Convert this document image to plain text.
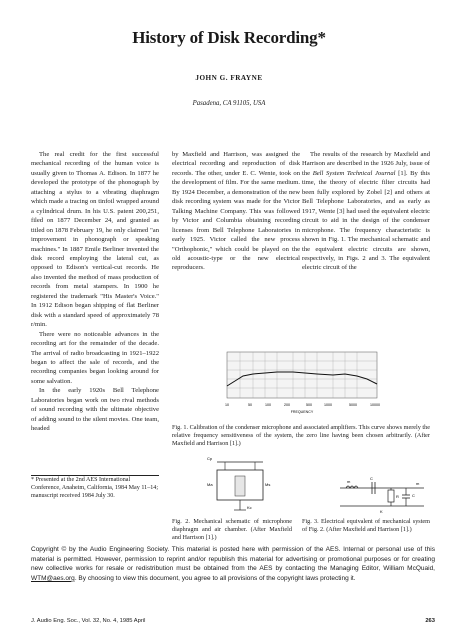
History of Disk Recording*
JOHN G. FRAYNE
Pasadena, CA 91105, USA

The real credit for the first successful mechanical recording of the human voice is usually given to Thomas A. Edison. In 1877 he developed the prototype of the phonograph by attaching a stylus to a vibrating diaphragm which made a tracing on tinfoil wrapped around a cylindrical drum. In his U.S. patent 200,251, filed on 1877 December 24, and granted as titled on 1878 February 19, he only claimed "an improvement in phonograph or speaking machines." In 1887 Emile Berliner invented the disk record employing the lateral cut, as opposed to Edison's vertical-cut records. He also invented the method of mass production of records from metal stampers. In 1900 he registered the trademark "His Master's Voice." In 1912 Edison began shipping of flat Berliner disk with a standard speed of approximately 78 r/min.

There were no noticeable advances in the recording art for the remainder of the decade. The arrival of radio broadcasting in 1921–1922 began to affect the sale of records, and the recording companies began looking around for some salvation.

In the early 1920s Bell Telephone Laboratories began work on two rival methods of sound recording with the ultimate objective of adding sound to the silent movies. One team, headed

* Presented at the 2nd AES International Conference, Anaheim, California, 1984 May 11–14; manuscript received 1984 July 30.

by Maxfield and Harrison, was assigned the electrical recording and reproduction of disk records. The other, under E. C. Wente, took on the development of film. For the same medium. By 1924 December, a demonstration of the new disk recording system was made for the Victor Talking Machine Company. This was followed by Victor and Columbia obtaining recording licenses from Bell Telephone Laboratories in early 1925. Victor called the new process "Orthophonic," which could be played on the old acoustic-type or the new electrical reproducers.

The results of the research by Maxfield and Harrison are described in the 1926 July, issue of the Bell System Technical Journal [1]. By this time, the theory of electric filter circuits had been fully explored by Zobel [2] and others at Bell Telephone Laboratories, and as early as 1917, Wente [3] had used the equivalent electric circuit to aid in the design of the condenser microphone. The frequency characteristic is shown in Fig. 1. The mechanical schematic and the equivalent electric circuits are shown, respectively, in Figs. 2 and 3. The equivalent electric circuit of the

10	50	100	200	500	1000	5000	10000
FREQUENCY
Fig. 1. Calibration of the condenser microphone and associated amplifiers. This curve shows merely the relative frequency sensitiveness of the system, the zero line having been chosen arbitrarily. (After Maxfield and Harrison [1].)
Cp
Ma	Ms
Kc
Fig. 2. Mechanical schematic of microphone diaphragm and air chamber. (After Maxfield and Harrison [1].)
m
C
R	C
m
K
Fig. 3. Electrical equivalent of mechanical system of Fig. 2. (After Maxfield and Harrison [1].)
Copyright © by the Audio Engineering Society. This material is posted here with permission of the AES. Internal or personal use of this material is permitted. However, permission to reprint and/or republish this material for advertising or promotional purposes or for creating new collective works for resale or redistribution must be obtained from the AES by contacting the Managing Editor, William McQuaid, WTM@aes.org. By choosing to view this document, you agree to all provisions of the copyright laws protecting it.
J. Audio Eng. Soc., Vol. 32, No. 4, 1985 April	263
